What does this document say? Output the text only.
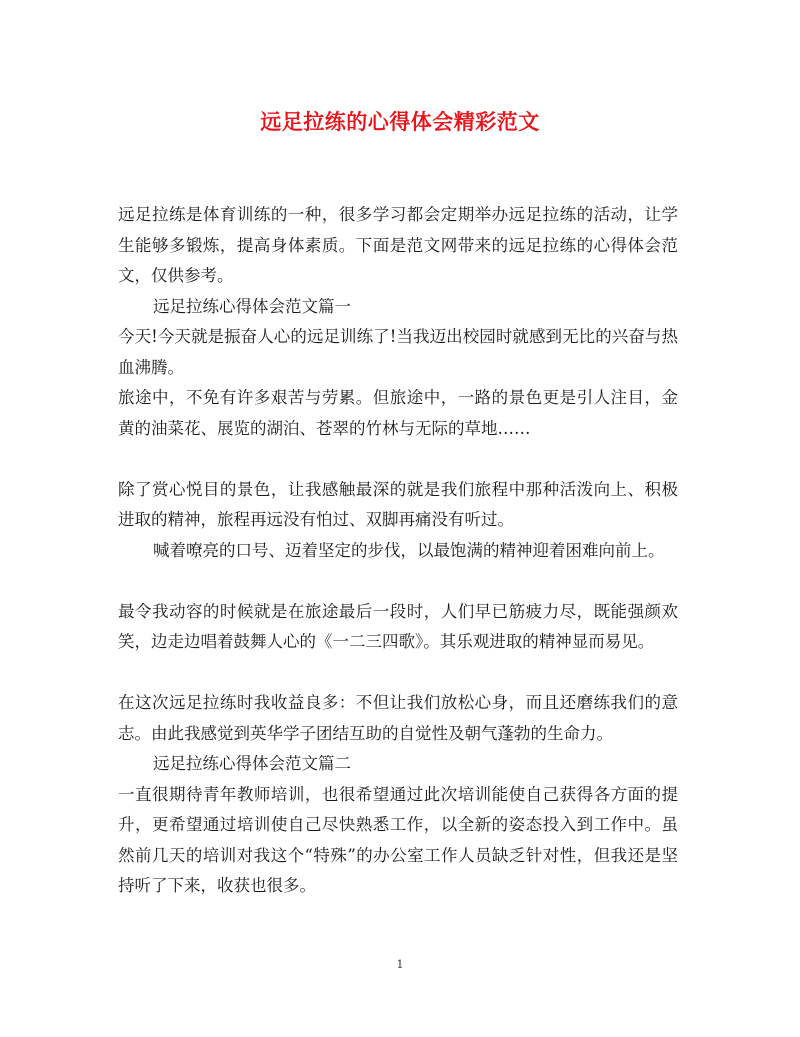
远足拉练的心得体会精彩范文

远足拉练是体育训练的一种，很多学习都会定期举办远足拉练的活动，让学生能够多锻炼，提高身体素质。下面是范文网带来的远足拉练的心得体会范文，仅供参考。

远足拉练心得体会范文篇一

今天!今天就是振奋人心的远足训练了!当我迈出校园时就感到无比的兴奋与热血沸腾。

旅途中，不免有许多艰苦与劳累。但旅途中，一路的景色更是引人注目，金黄的油菜花、展览的湖泊、苍翠的竹林与无际的草地……

除了赏心悦目的景色，让我感触最深的就是我们旅程中那种活泼向上、积极进取的精神，旅程再远没有怕过、双脚再痛没有听过。

喊着嘹亮的口号、迈着坚定的步伐，以最饱满的精神迎着困难向前上。

最令我动容的时候就是在旅途最后一段时，人们早已筋疲力尽，既能强颜欢笑，边走边唱着鼓舞人心的《一二三四歌》。其乐观进取的精神显而易见。

在这次远足拉练时我收益良多：不但让我们放松心身，而且还磨练我们的意志。由此我感觉到英华学子团结互助的自觉性及朝气蓬勃的生命力。

远足拉练心得体会范文篇二

一直很期待青年教师培训，也很希望通过此次培训能使自己获得各方面的提升，更希望通过培训使自己尽快熟悉工作，以全新的姿态投入到工作中。虽然前几天的培训对我这个“特殊”的办公室工作人员缺乏针对性，但我还是坚持听了下来，收获也很多。

1
